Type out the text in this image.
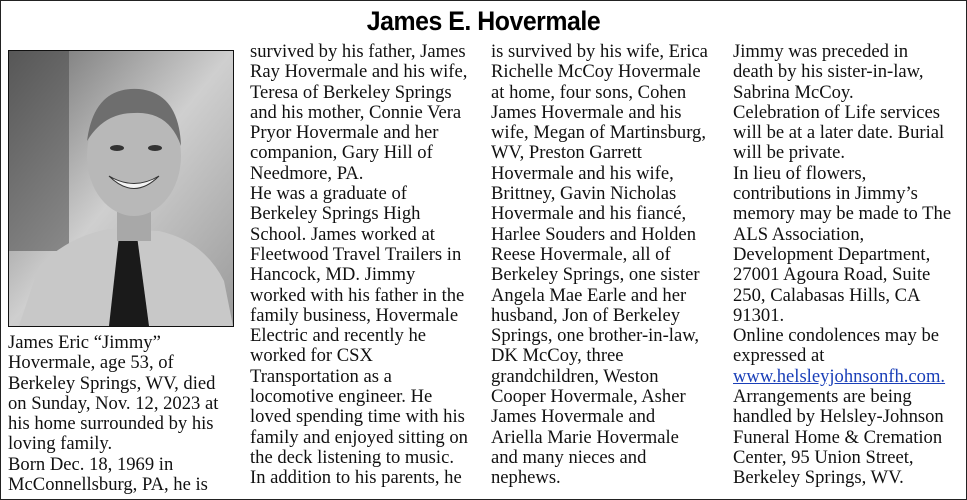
James E. Hovermale
James Eric “Jimmy”
Hovermale, age 53, of
Berkeley Springs, WV, died
on Sunday, Nov. 12, 2023 at
his home surrounded by his
loving family.
Born Dec. 18, 1969 in
McConnellsburg, PA, he is
survived by his father, James
Ray Hovermale and his wife,
Teresa of Berkeley Springs
and his mother, Connie Vera
Pryor Hovermale and her
companion, Gary Hill of
Needmore, PA.
He was a graduate of
Berkeley Springs High
School. James worked at
Fleetwood Travel Trailers in
Hancock, MD. Jimmy
worked with his father in the
family business, Hovermale
Electric and recently he
worked for CSX
Transportation as a
locomotive engineer. He
loved spending time with his
family and enjoyed sitting on
the deck listening to music.
In addition to his parents, he
is survived by his wife, Erica
Richelle McCoy Hovermale
at home, four sons, Cohen
James Hovermale and his
wife, Megan of Martinsburg,
WV, Preston Garrett
Hovermale and his wife,
Brittney, Gavin Nicholas
Hovermale and his fiancé,
Harlee Souders and Holden
Reese Hovermale, all of
Berkeley Springs, one sister
Angela Mae Earle and her
husband, Jon of Berkeley
Springs, one brother-in-law,
DK McCoy, three
grandchildren, Weston
Cooper Hovermale, Asher
James Hovermale and
Ariella Marie Hovermale
and many nieces and
nephews.
Jimmy was preceded in
death by his sister-in-law,
Sabrina McCoy.
Celebration of Life services
will be at a later date. Burial
will be private.
In lieu of flowers,
contributions in Jimmy’s
memory may be made to The
ALS Association,
Development Department,
27001 Agoura Road, Suite
250, Calabasas Hills, CA
91301.
Online condolences may be
expressed at
www.helsleyjohnsonfh.com.
Arrangements are being
handled by Helsley-Johnson
Funeral Home & Cremation
Center, 95 Union Street,
Berkeley Springs, WV.
